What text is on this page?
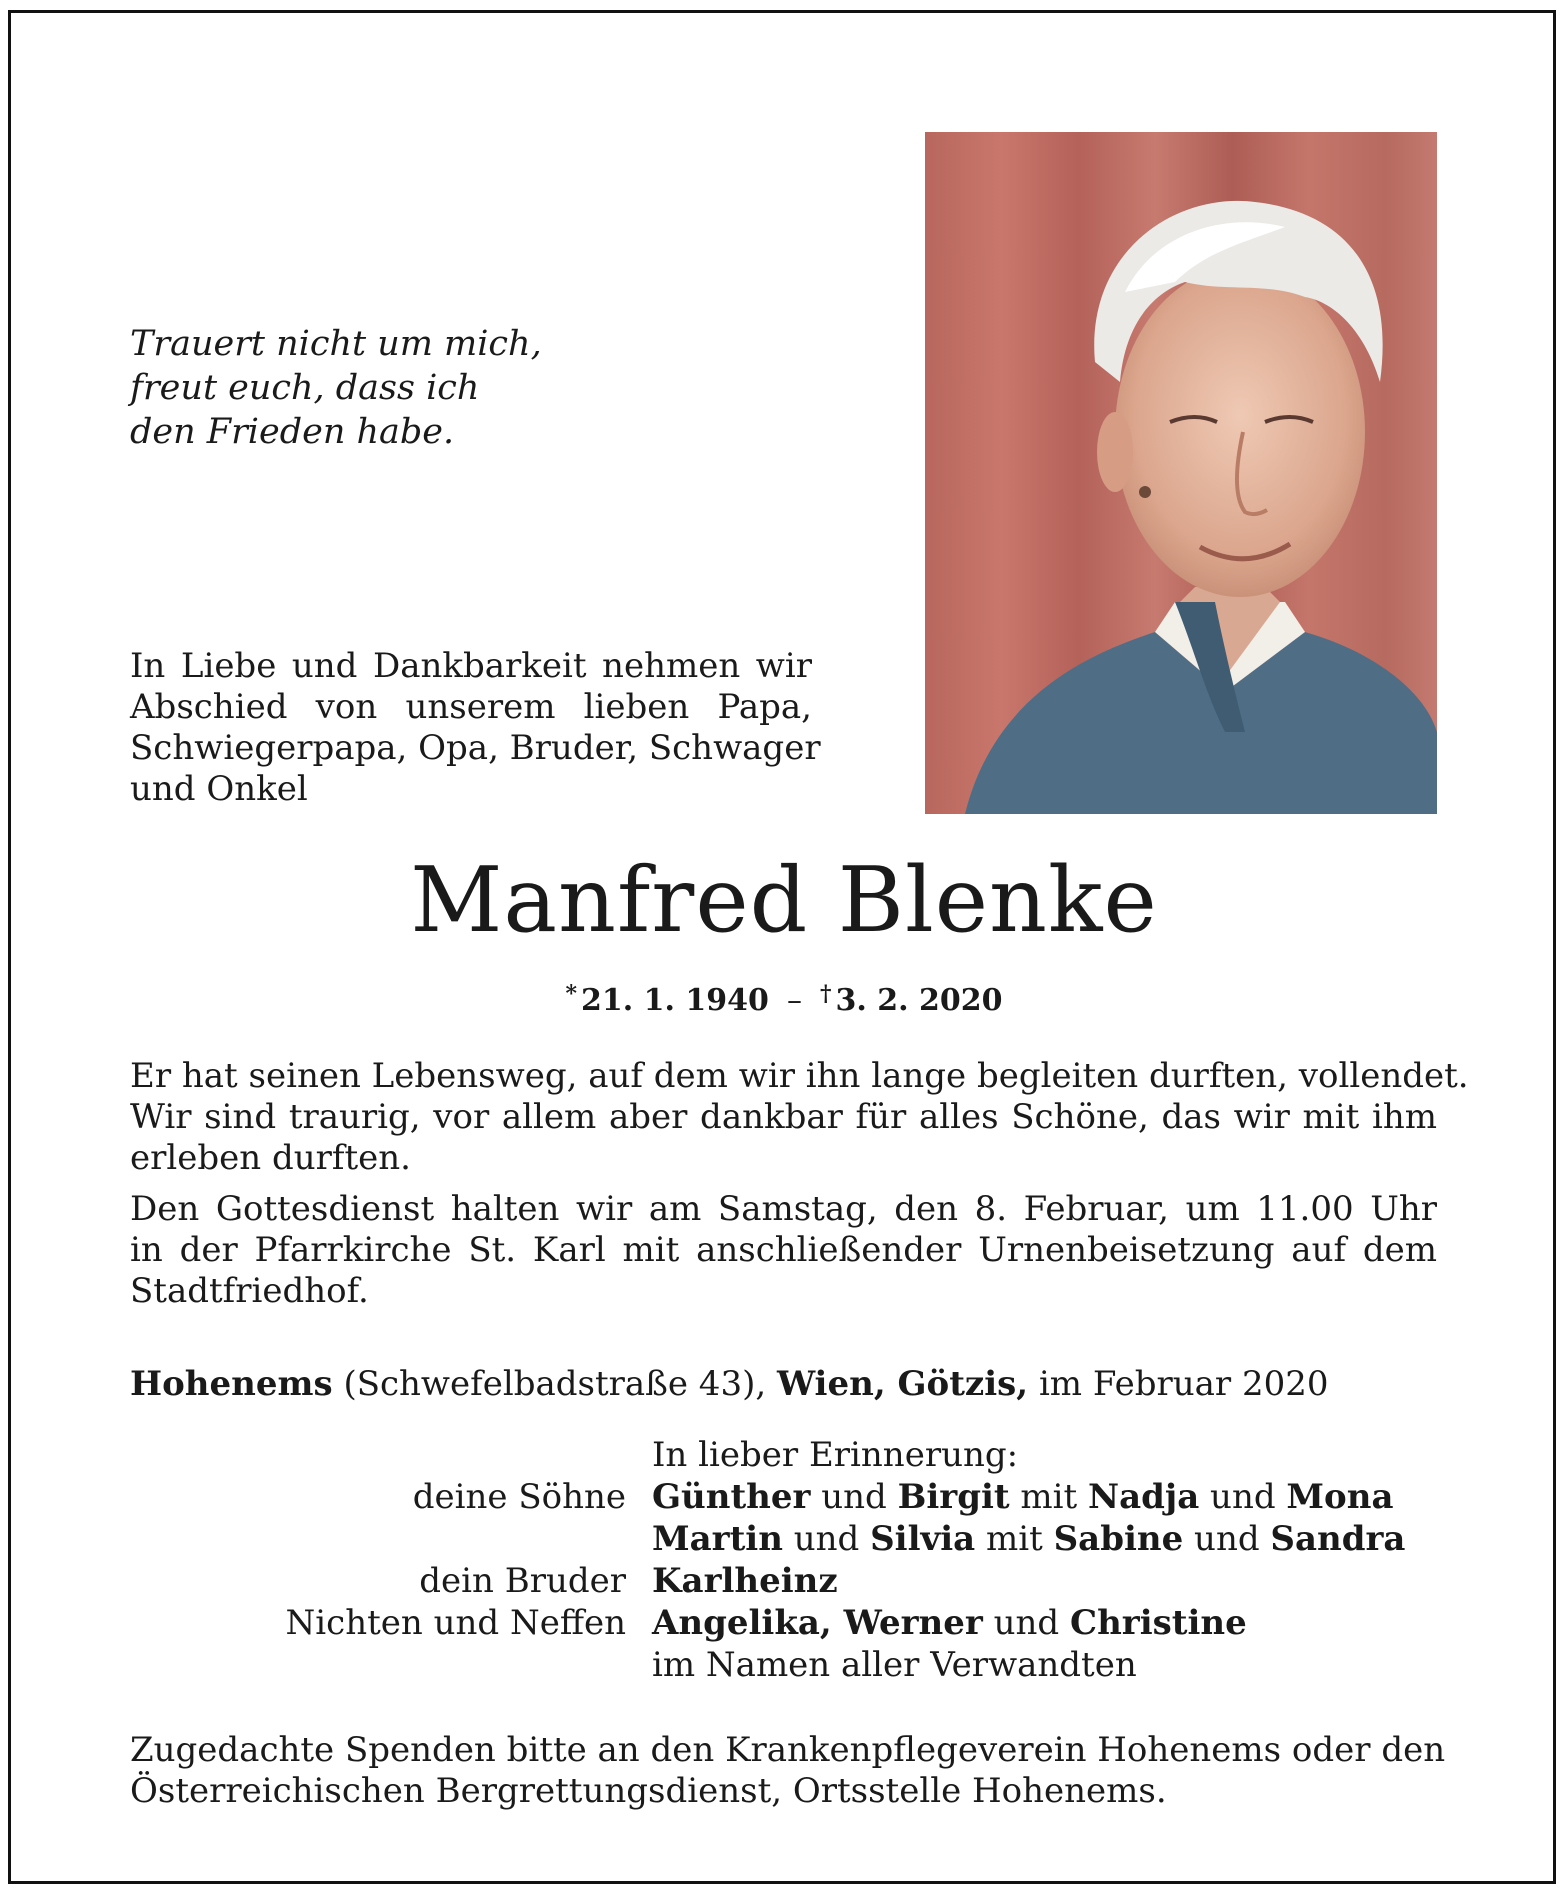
Trauert nicht um mich,
freut euch, dass ich
den Frieden habe.
In Liebe und Dankbarkeit nehmen wir
Abschied von unserem lieben Papa,
Schwiegerpapa, Opa, Bruder, Schwager
und Onkel
Manfred Blenke
* 21. 1. 1940 – † 3. 2. 2020
Er hat seinen Lebensweg, auf dem wir ihn lange begleiten durften, vollendet.
Wir sind traurig, vor allem aber dankbar für alles Schöne, das wir mit ihm
erleben durften.
Den Gottesdienst halten wir am Samstag, den 8. Februar, um 11.00 Uhr
in der Pfarrkirche St. Karl mit anschließender Urnenbeisetzung auf dem
Stadtfriedhof.
Hohenems (Schwefelbadstraße 43), Wien, Götzis, im Februar 2020
In lieber Erinnerung:
deine Söhne Günther und Birgit mit Nadja und Mona
Martin und Silvia mit Sabine und Sandra
dein Bruder Karlheinz
Nichten und Neffen Angelika, Werner und Christine
im Namen aller Verwandten
Zugedachte Spenden bitte an den Krankenpflegeverein Hohenems oder den
Österreichischen Bergrettungsdienst, Ortsstelle Hohenems.
